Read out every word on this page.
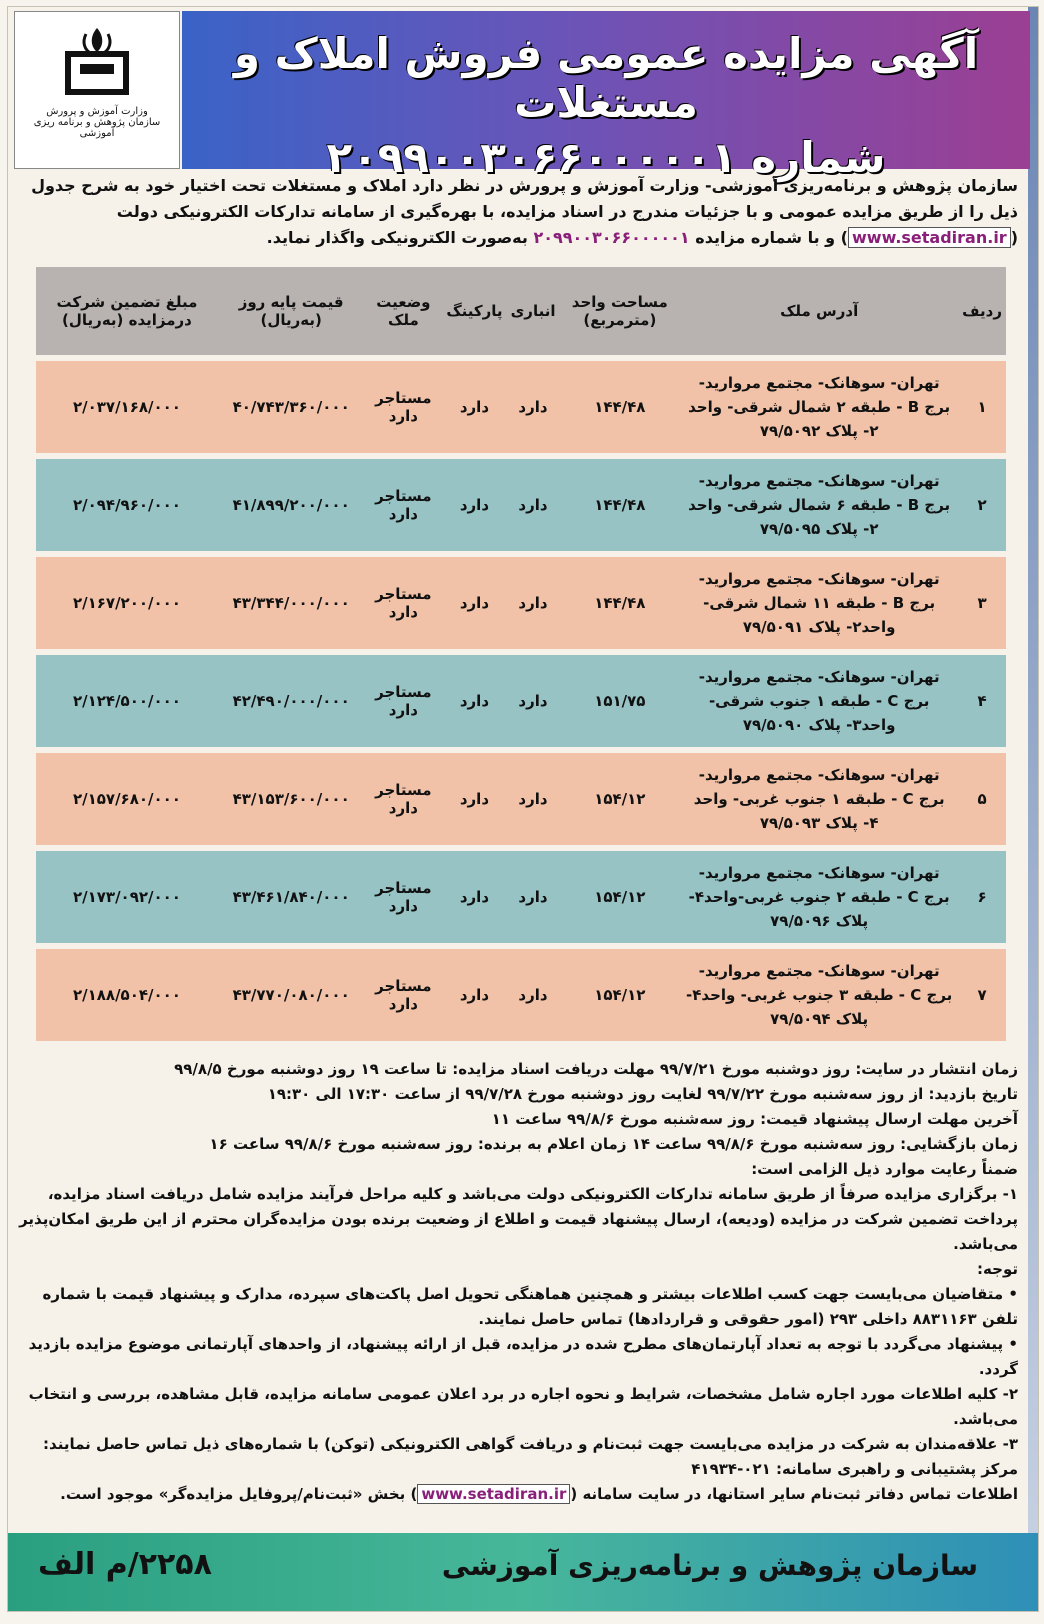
وزارت آموزش و پرورش
سازمان پژوهش و برنامه ریزی آموزشی
آگهی مزایده عمومی فروش املاک و مستغلات
شماره ۲۰۹۹۰۰۳۰۶۶۰۰۰۰۰۱
سازمان پژوهش و برنامه‌ریزی آموزشی- وزارت آموزش و پرورش در نظر دارد املاک و مستغلات تحت اختیار خود به شرح جدول ذیل را از طریق مزایده عمومی و با جزئیات مندرج در اسناد مزایده، با بهره‌گیری از سامانه تدارکات الکترونیکی دولت (www.setadiran.ir) و با شماره مزایده ۲۰۹۹۰۰۳۰۶۶۰۰۰۰۰۱ به‌صورت الکترونیکی واگذار نماید.
ردیف	آدرس ملک	مساحت واحد (مترمربع)	انباری	پارکینگ	وضعیت ملک	قیمت پایه روز (به‌ریال)	مبلغ تضمین شرکت درمزایده (به‌ریال)
۱	تهران- سوهانک- مجتمع مروارید- برج B - طبقه ۲ شمال شرقی- واحد ۲- پلاک ۷۹/۵۰۹۲	۱۴۴/۴۸	دارد	دارد	مستاجر دارد	۴۰/۷۴۳/۳۶۰/۰۰۰	۲/۰۳۷/۱۶۸/۰۰۰
۲	تهران- سوهانک- مجتمع مروارید- برج B - طبقه ۶ شمال شرقی- واحد ۲- پلاک ۷۹/۵۰۹۵	۱۴۴/۴۸	دارد	دارد	مستاجر دارد	۴۱/۸۹۹/۲۰۰/۰۰۰	۲/۰۹۴/۹۶۰/۰۰۰
۳	تهران- سوهانک- مجتمع مروارید- برج B - طبقه ۱۱ شمال شرقی- واحد۲- پلاک ۷۹/۵۰۹۱	۱۴۴/۴۸	دارد	دارد	مستاجر دارد	۴۳/۳۴۴/۰۰۰/۰۰۰	۲/۱۶۷/۲۰۰/۰۰۰
۴	تهران- سوهانک- مجتمع مروارید- برج C - طبقه ۱ جنوب شرقی- واحد۳- پلاک ۷۹/۵۰۹۰	۱۵۱/۷۵	دارد	دارد	مستاجر دارد	۴۲/۴۹۰/۰۰۰/۰۰۰	۲/۱۲۴/۵۰۰/۰۰۰
۵	تهران- سوهانک- مجتمع مروارید- برج C - طبقه ۱ جنوب غربی- واحد ۴- پلاک ۷۹/۵۰۹۳	۱۵۴/۱۲	دارد	دارد	مستاجر دارد	۴۳/۱۵۳/۶۰۰/۰۰۰	۲/۱۵۷/۶۸۰/۰۰۰
۶	تهران- سوهانک- مجتمع مروارید- برج C - طبقه ۲ جنوب غربی-واحد۴- پلاک ۷۹/۵۰۹۶	۱۵۴/۱۲	دارد	دارد	مستاجر دارد	۴۳/۴۶۱/۸۴۰/۰۰۰	۲/۱۷۳/۰۹۲/۰۰۰
۷	تهران- سوهانک- مجتمع مروارید- برج C - طبقه ۳ جنوب غربی- واحد۴- پلاک ۷۹/۵۰۹۴	۱۵۴/۱۲	دارد	دارد	مستاجر دارد	۴۳/۷۷۰/۰۸۰/۰۰۰	۲/۱۸۸/۵۰۴/۰۰۰
زمان انتشار در سایت: روز دوشنبه مورخ ۹۹/۷/۲۱ مهلت دریافت اسناد مزایده: تا ساعت ۱۹ روز دوشنبه مورخ ۹۹/۸/۵
تاریخ بازدید: از روز سه‌شنبه مورخ ۹۹/۷/۲۲ لغایت روز دوشنبه مورخ ۹۹/۷/۲۸ از ساعت ۱۷:۳۰ الی ۱۹:۳۰
آخرین مهلت ارسال پیشنهاد قیمت: روز سه‌شنبه مورخ ۹۹/۸/۶ ساعت ۱۱
زمان بازگشایی: روز سه‌شنبه مورخ ۹۹/۸/۶ ساعت ۱۴ زمان اعلام به برنده: روز سه‌شنبه مورخ ۹۹/۸/۶ ساعت ۱۶
ضمناً رعایت موارد ذیل الزامی است:
۱- برگزاری مزایده صرفاً از طریق سامانه تدارکات الکترونیکی دولت می‌باشد و کلیه مراحل فرآیند مزایده شامل دریافت اسناد مزایده، پرداخت تضمین شرکت در مزایده (ودیعه)، ارسال پیشنهاد قیمت و اطلاع از وضعیت برنده بودن مزایده‌گران محترم از این طریق امکان‌پذیر می‌باشد.
توجه:
• متقاضیان می‌بایست جهت کسب اطلاعات بیشتر و همچنین هماهنگی تحویل اصل پاکت‌های سپرده، مدارک و پیشنهاد قیمت با شماره تلفن ۸۸۳۱۱۶۳ داخلی ۲۹۳ (امور حقوقی و قراردادها) تماس حاصل نمایند.
• پیشنهاد می‌گردد با توجه به تعداد آپارتمان‌های مطرح شده در مزایده، قبل از ارائه پیشنهاد، از واحدهای آپارتمانی موضوع مزایده بازدید گردد.
۲- کلیه اطلاعات مورد اجاره شامل مشخصات، شرایط و نحوه اجاره در برد اعلان عمومی سامانه مزایده، قابل مشاهده، بررسی و انتخاب می‌باشد.
۳- علاقه‌مندان به شرکت در مزایده می‌بایست جهت ثبت‌نام و دریافت گواهی الکترونیکی (توکن) با شماره‌های ذیل تماس حاصل نمایند:
مرکز پشتیبانی و راهبری سامانه: ۰۲۱-۴۱۹۳۴
اطلاعات تماس دفاتر ثبت‌نام سایر استانها، در سایت سامانه (www.setadiran.ir) بخش «ثبت‌نام/پروفایل مزایده‌گر» موجود است.
سازمان پژوهش و برنامه‌ریزی آموزشی
۲۲۵۸/م الف
